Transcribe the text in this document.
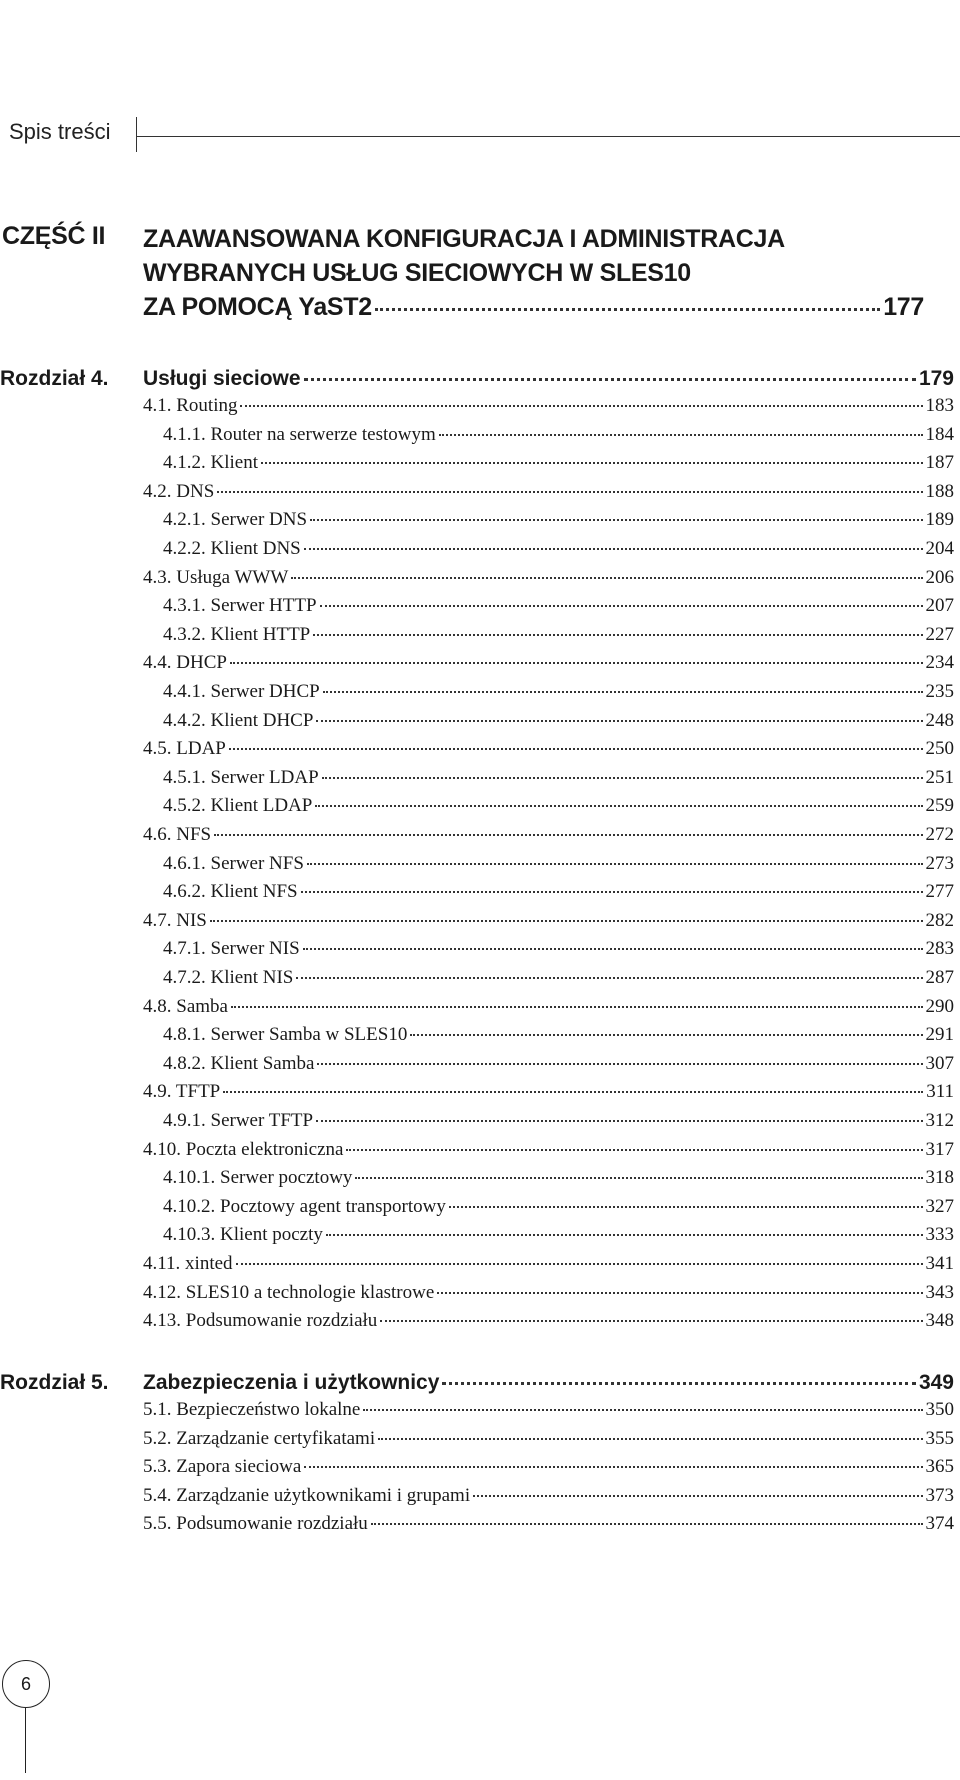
Spis treści
CZĘŚĆ II ZAAWANSOWANA KONFIGURACJA I ADMINISTRACJA
WYBRANYCH USŁUG SIECIOWYCH W SLES10
ZA POMOCĄ YaST2	177
Rozdział 4. Usługi sieciowe	179
4.1. Routing	183
4.1.1. Router na serwerze testowym	184
4.1.2. Klient	187
4.2. DNS	188
4.2.1. Serwer DNS	189
4.2.2. Klient DNS	204
4.3. Usługa WWW	206
4.3.1. Serwer HTTP	207
4.3.2. Klient HTTP	227
4.4. DHCP	234
4.4.1. Serwer DHCP	235
4.4.2. Klient DHCP	248
4.5. LDAP	250
4.5.1. Serwer LDAP	251
4.5.2. Klient LDAP	259
4.6. NFS	272
4.6.1. Serwer NFS	273
4.6.2. Klient NFS	277
4.7. NIS	282
4.7.1. Serwer NIS	283
4.7.2. Klient NIS	287
4.8. Samba	290
4.8.1. Serwer Samba w SLES10	291
4.8.2. Klient Samba	307
4.9. TFTP	311
4.9.1. Serwer TFTP	312
4.10. Poczta elektroniczna	317
4.10.1. Serwer pocztowy	318
4.10.2. Pocztowy agent transportowy	327
4.10.3. Klient poczty	333
4.11. xinted	341
4.12. SLES10 a technologie klastrowe	343
4.13. Podsumowanie rozdziału	348
Rozdział 5. Zabezpieczenia i użytkownicy	349
5.1. Bezpieczeństwo lokalne	350
5.2. Zarządzanie certyfikatami	355
5.3. Zapora sieciowa	365
5.4. Zarządzanie użytkownikami i grupami	373
5.5. Podsumowanie rozdziału	374
6
